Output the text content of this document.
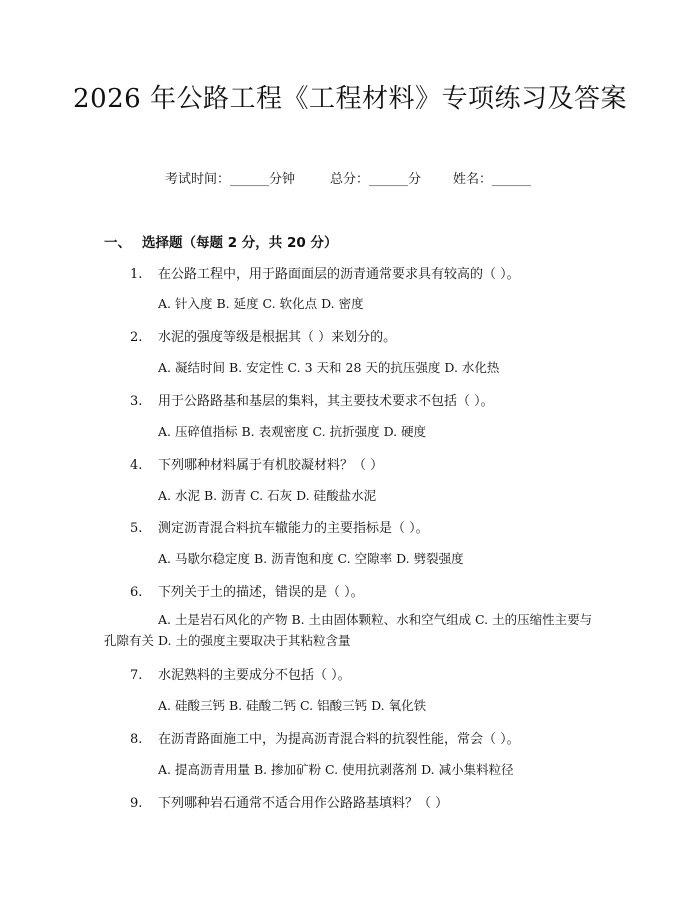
2026 年公路工程《工程材料》专项练习及答案
考试时间：______分钟	总分：______分 姓名：______
一、 选择题（每题 2 分，共 20 分）
1. 在公路工程中，用于路面面层的沥青通常要求具有较高的（ ）。
A. 针入度 B. 延度 C. 软化点 D. 密度
2. 水泥的强度等级是根据其（ ）来划分的。
A. 凝结时间 B. 安定性 C. 3 天和 28 天的抗压强度 D. 水化热
3. 用于公路路基和基层的集料，其主要技术要求不包括（ ）。
A. 压碎值指标 B. 表观密度 C. 抗折强度 D. 硬度
4. 下列哪种材料属于有机胶凝材料？（ ）
A. 水泥 B. 沥青 C. 石灰 D. 硅酸盐水泥
5. 测定沥青混合料抗车辙能力的主要指标是（ ）。
A. 马歇尔稳定度 B. 沥青饱和度 C. 空隙率 D. 劈裂强度
6. 下列关于土的描述，错误的是（ ）。
A. 土是岩石风化的产物 B. 土由固体颗粒、水和空气组成 C. 土的压缩性主要与孔隙有关 D. 土的强度主要取决于其粘粒含量
7. 水泥熟料的主要成分不包括（ ）。
A. 硅酸三钙 B. 硅酸二钙 C. 铝酸三钙 D. 氧化铁
8. 在沥青路面施工中，为提高沥青混合料的抗裂性能，常会（ ）。
A. 提高沥青用量 B. 掺加矿粉 C. 使用抗剥落剂 D. 减小集料粒径
9. 下列哪种岩石通常不适合用作公路路基填料？（ ）
